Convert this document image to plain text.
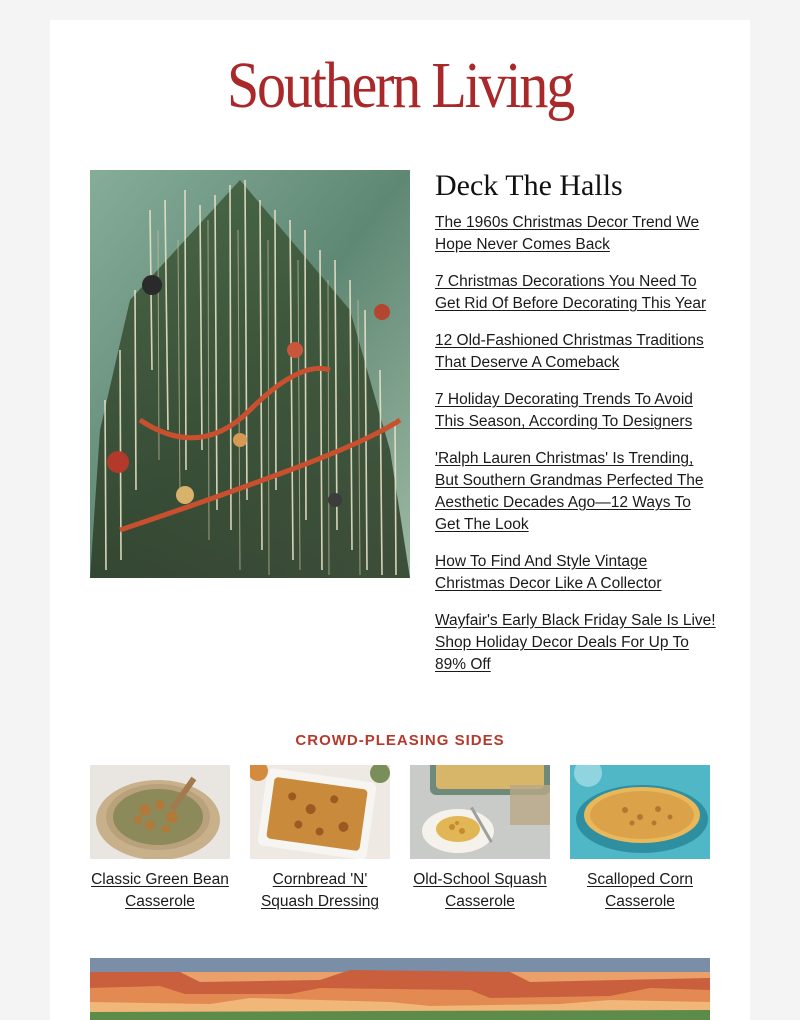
Southern Living
Deck The Halls
The 1960s Christmas Decor Trend We Hope Never Comes Back
7 Christmas Decorations You Need To Get Rid Of Before Decorating This Year
12 Old-Fashioned Christmas Traditions That Deserve A Comeback
7 Holiday Decorating Trends To Avoid This Season, According To Designers
'Ralph Lauren Christmas' Is Trending, But Southern Grandmas Perfected The Aesthetic Decades Ago—12 Ways To Get The Look
How To Find And Style Vintage Christmas Decor Like A Collector
Wayfair's Early Black Friday Sale Is Live! Shop Holiday Decor Deals For Up To 89% Off
CROWD-PLEASING SIDES
Classic Green Bean Casserole
Cornbread 'N' Squash Dressing
Old-School Squash Casserole
Scalloped Corn Casserole
